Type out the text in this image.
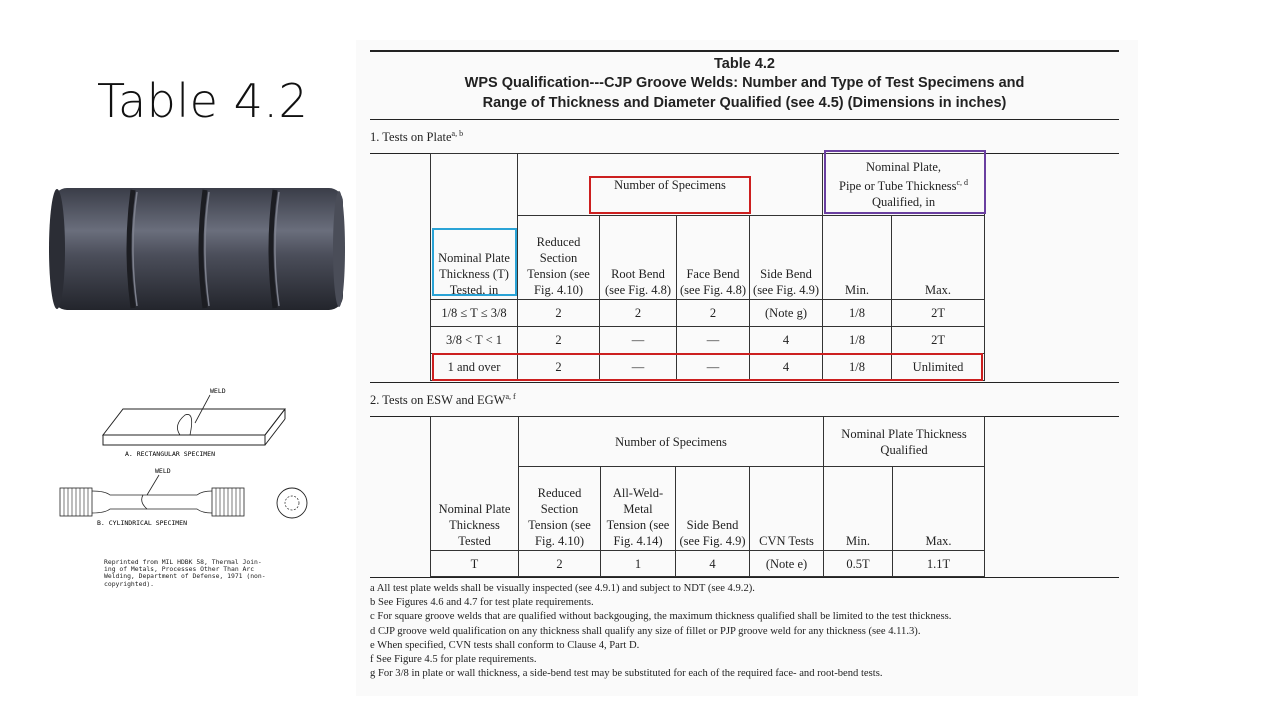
Table 4.2
WELD
A. RECTANGULAR SPECIMEN
WELD
B. CYLINDRICAL SPECIMEN
Reprinted from MIL HDBK 58, Thermal Join-
ing of Metals, Processes Other Than Arc
Welding, Department of Defense, 1971 (non-
copyrighted).
Table 4.2
WPS Qualification---CJP Groove Welds: Number and Type of Test Specimens and
Range of Thickness and Diameter Qualified (see 4.5) (Dimensions in inches)
1. Tests on Plate$^{a, b}$
	Number of Specimens				Nominal Plate,
Pipe or Tube Thickness$^{c, d}$
Qualified, in	
Nominal Plate Thickness (T) Tested, in	Reduced Section Tension (see Fig. 4.10)	Root Bend (see Fig. 4.8)	Face Bend (see Fig. 4.8)	Side Bend (see Fig. 4.9)	Min.	Max.
1/8 ≤ T ≤ 3/8	2	2	2	(Note g)	1/8	2T
3/8 < T < 1	2	—	—	4	1/8	2T
1 and over	2	—	—	4	1/8	Unlimited
2. Tests on ESW and EGW$^{a, f}$
	Number of Specimens				Nominal Plate Thickness Qualified	
Nominal Plate Thickness Tested	Reduced Section Tension (see Fig. 4.10)	All-Weld-Metal Tension (see Fig. 4.14)	Side Bend (see Fig. 4.9)	CVN Tests	Min.	Max.
T	2	1	4	(Note e)	0.5T	1.1T
a All test plate welds shall be visually inspected (see 4.9.1) and subject to NDT (see 4.9.2).
b See Figures 4.6 and 4.7 for test plate requirements.
c For square groove welds that are qualified without backgouging, the maximum thickness qualified shall be limited to the test thickness.
d CJP groove weld qualification on any thickness shall qualify any size of fillet or PJP groove weld for any thickness (see 4.11.3).
e When specified, CVN tests shall conform to Clause 4, Part D.
f See Figure 4.5 for plate requirements.
g For 3/8 in plate or wall thickness, a side-bend test may be substituted for each of the required face- and root-bend tests.
